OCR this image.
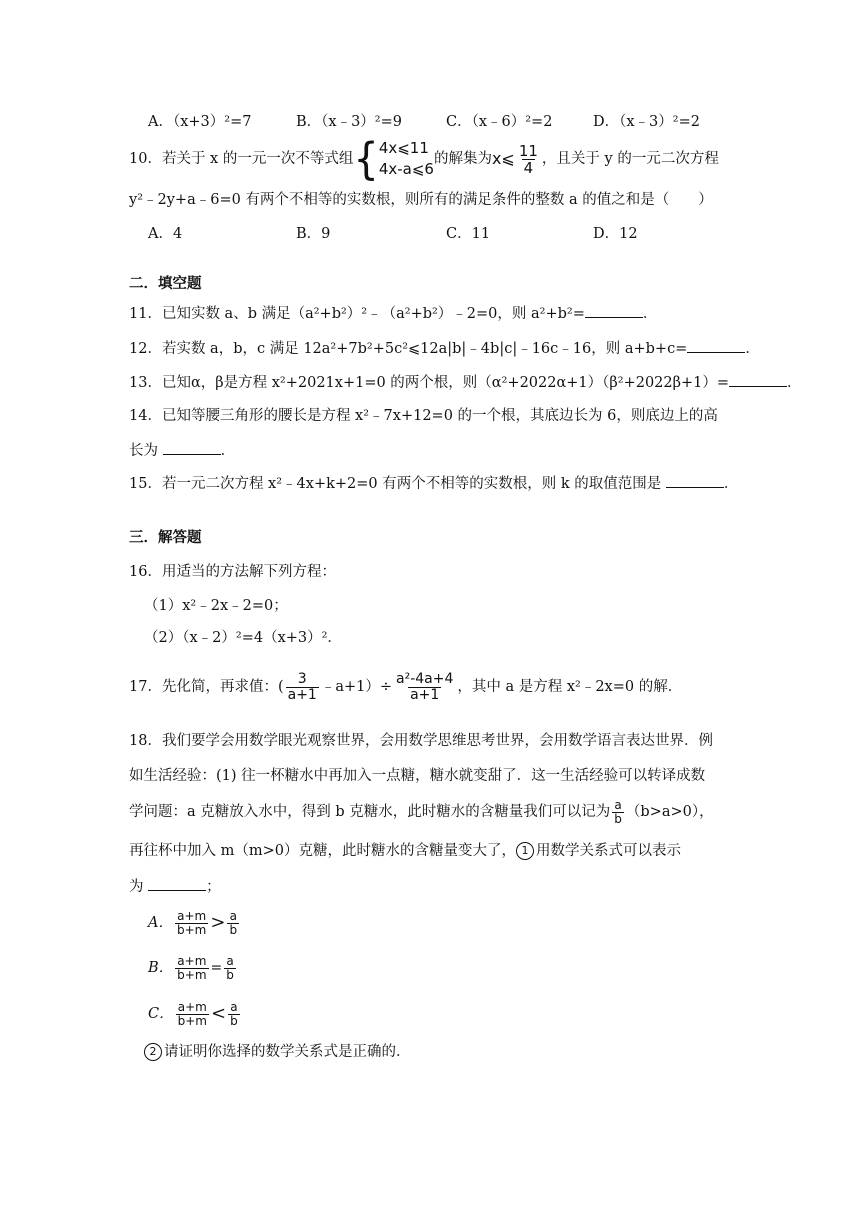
A．（x+3）²=7	B．（x﹣3）²=9	C．（x﹣6）²=2	D．（x﹣3）²=2
10．若关于 x 的一元一次不等式组 { 4x⩽11
4x-a⩽6
的解集为 x⩽ $\frac{11}{4}$ ，且关于 y 的一元二次方程
y²﹣2y+a﹣6=0 有两个不相等的实数根，则所有的满足条件的整数 a 的值之和是（　　）
A．4	B．9	C．11	D．12
二．填空题
11．已知实数 a、b 满足（a²+b²）²﹣（a²+b²）﹣2=0，则 a²+b²=	．
12．若实数 a，b，c 满足 12a²+7b²+5c²⩽12a|b|﹣4b|c|﹣16c﹣16，则 a+b+c=	．
13．已知α，β是方程 x²+2021x+1=0 的两个根，则（α²+2022α+1）（β²+2022β+1）=	．
14．已知等腰三角形的腰长是方程 x²﹣7x+12=0 的一个根，其底边长为 6，则底边上的高
长为	．
15．若一元二次方程 x²﹣4x+k+2=0 有两个不相等的实数根，则 k 的取值范围是	．
三．解答题
16．用适当的方法解下列方程：
（1）x²﹣2x﹣2=0；
（2）（x﹣2）²=4（x+3）²．
17．先化简，再求值：( $\frac{3}{a+1}$ ﹣a+1）÷ $\frac{\text{a²-4a+4}}{a+1}$ ，其中 a 是方程 x²﹣2x=0 的解．
18．我们要学会用数学眼光观察世界，会用数学思维思考世界，会用数学语言表达世界．例
如生活经验：(1) 往一杯糖水中再加入一点糖，糖水就变甜了．这一生活经验可以转译成数
学问题：a 克糖放入水中，得到 b 克糖水，此时糖水的含糖量我们可以记为 $\frac{a}{b} (b>a>0)$，
再往杯中加入 m（m>0）克糖，此时糖水的含糖量变大了， 1 用数学关系式可以表示
为	；
A． $\frac{a+m}{b+m} > \frac{a}{b}$
B． $\frac{a+m}{b+m} = \frac{a}{b}$
C． $\frac{a+m}{b+m} < \frac{a}{b}$
2 请证明你选择的数学关系式是正确的．
